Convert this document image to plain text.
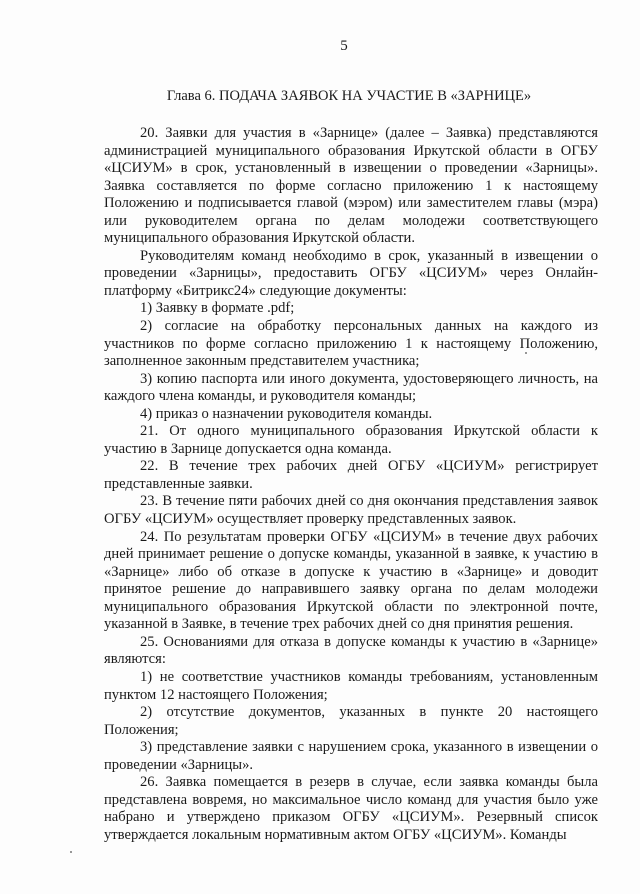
5
Глава 6. ПОДАЧА ЗАЯВОК НА УЧАСТИЕ В «ЗАРНИЦЕ»

20. Заявки для участия в «Зарнице» (далее – Заявка) представляются администрацией муниципального образования Иркутской области в ОГБУ «ЦСИУМ» в срок, установленный в извещении о проведении «Зарницы». Заявка составляется по форме согласно приложению 1 к настоящему Положению и подписывается главой (мэром) или заместителем главы (мэра) или руководителем органа по делам молодежи соответствующего муниципального образования Иркутской области.

Руководителям команд необходимо в срок, указанный в извещении о проведении «Зарницы», предоставить ОГБУ «ЦСИУМ» через Онлайн-платформу «Битрикс24» следующие документы:

1) Заявку в формате .pdf;

2) согласие на обработку персональных данных на каждого из участников по форме согласно приложению 1 к настоящему Положению, заполненное законным представителем участника;

3) копию паспорта или иного документа, удостоверяющего личность, на каждого члена команды, и руководителя команды;

4) приказ о назначении руководителя команды.

21. От одного муниципального образования Иркутской области к участию в Зарнице допускается одна команда.

22. В течение трех рабочих дней ОГБУ «ЦСИУМ» регистрирует представленные заявки.

23. В течение пяти рабочих дней со дня окончания представления заявок ОГБУ «ЦСИУМ» осуществляет проверку представленных заявок.

24. По результатам проверки ОГБУ «ЦСИУМ» в течение двух рабочих дней принимает решение о допуске команды, указанной в заявке, к участию в «Зарнице» либо об отказе в допуске к участию в «Зарнице» и доводит принятое решение до направившего заявку органа по делам молодежи муниципального образования Иркутской области по электронной почте, указанной в Заявке, в течение трех рабочих дней со дня принятия решения.

25. Основаниями для отказа в допуске команды к участию в «Зарнице» являются:

1) не соответствие участников команды требованиям, установленным пунктом 12 настоящего Положения;

2) отсутствие документов, указанных в пункте 20 настоящего Положения;

3) представление заявки с нарушением срока, указанного в извещении о проведении «Зарницы».

26. Заявка помещается в резерв в случае, если заявка команды была представлена вовремя, но максимальное число команд для участия было уже набрано и утверждено приказом ОГБУ «ЦСИУМ». Резервный список утверждается локальным нормативным актом ОГБУ «ЦСИУМ». Команды
